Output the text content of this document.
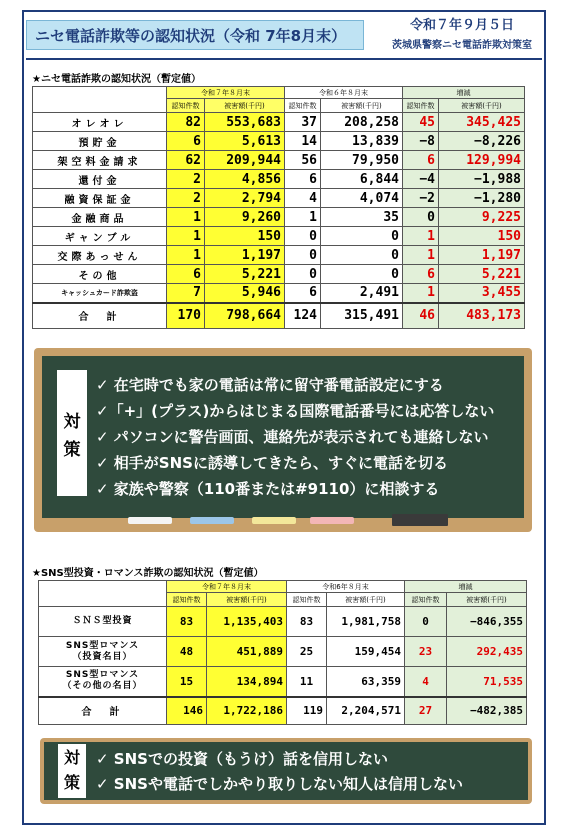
ニセ電話詐欺等の認知状況（令和 7年8月末）
令和７年９月５日
茨城県警察ニセ電話詐欺対策室
★ニセ電話詐欺の認知状況（暫定値）
	令和７年８月末		令和６年８月末		増減	
	認知件数	被害額(千円)	認知件数	被害額(千円)	認知件数	被害額(千円)
オレオレ	82	553,683	37	208,258	45	345,425
預貯金	6	5,613	14	13,839	−8	−8,226
架空料金請求	62	209,944	56	79,950	6	129,994
還付金	2	4,856	6	6,844	−4	−1,988
融資保証金	2	2,794	4	4,074	−2	−1,280
金融商品	1	9,260	1	35	0	9,225
ギャンブル	1	150	0	0	1	150
交際あっせん	1	1,197	0	0	1	1,197
その他	6	5,221	0	0	6	5,221
キャッシュカード詐欺盗	7	5,946	6	2,491	1	3,455
合　計	170	798,664	124	315,491	46	483,173
対
策
✓ 在宅時でも家の電話は常に留守番電話設定にする
✓「+」(プラス)からはじまる国際電話番号には応答しない
✓ パソコンに警告画面、連絡先が表示されても連絡しない
✓ 相手がSNSに誘導してきたら、すぐに電話を切る
✓ 家族や警察（110番または#9110）に相談する
★SNS型投資・ロマンス詐欺の認知状況（暫定値）
	令和７年８月末		令和6年８月末		増減	
	認知件数	被害額(千円)	認知件数	被害額(千円)	認知件数	被害額(千円)

ＳＮＳ型投資	83	1,135,403	83	1,981,758	0	−846,355

SNS型ロマンス
（投資名目）	48	451,889	25	159,454	23	292,435

SNS型ロマンス
（その他の名目）	15	134,894	11	63,359	4	71,535
合　計	146	1,722,186	119	2,204,571	27	−482,385
対
策
✓ SNSでの投資（もうけ）話を信用しない
✓ SNSや電話でしかやり取りしない知人は信用しない
